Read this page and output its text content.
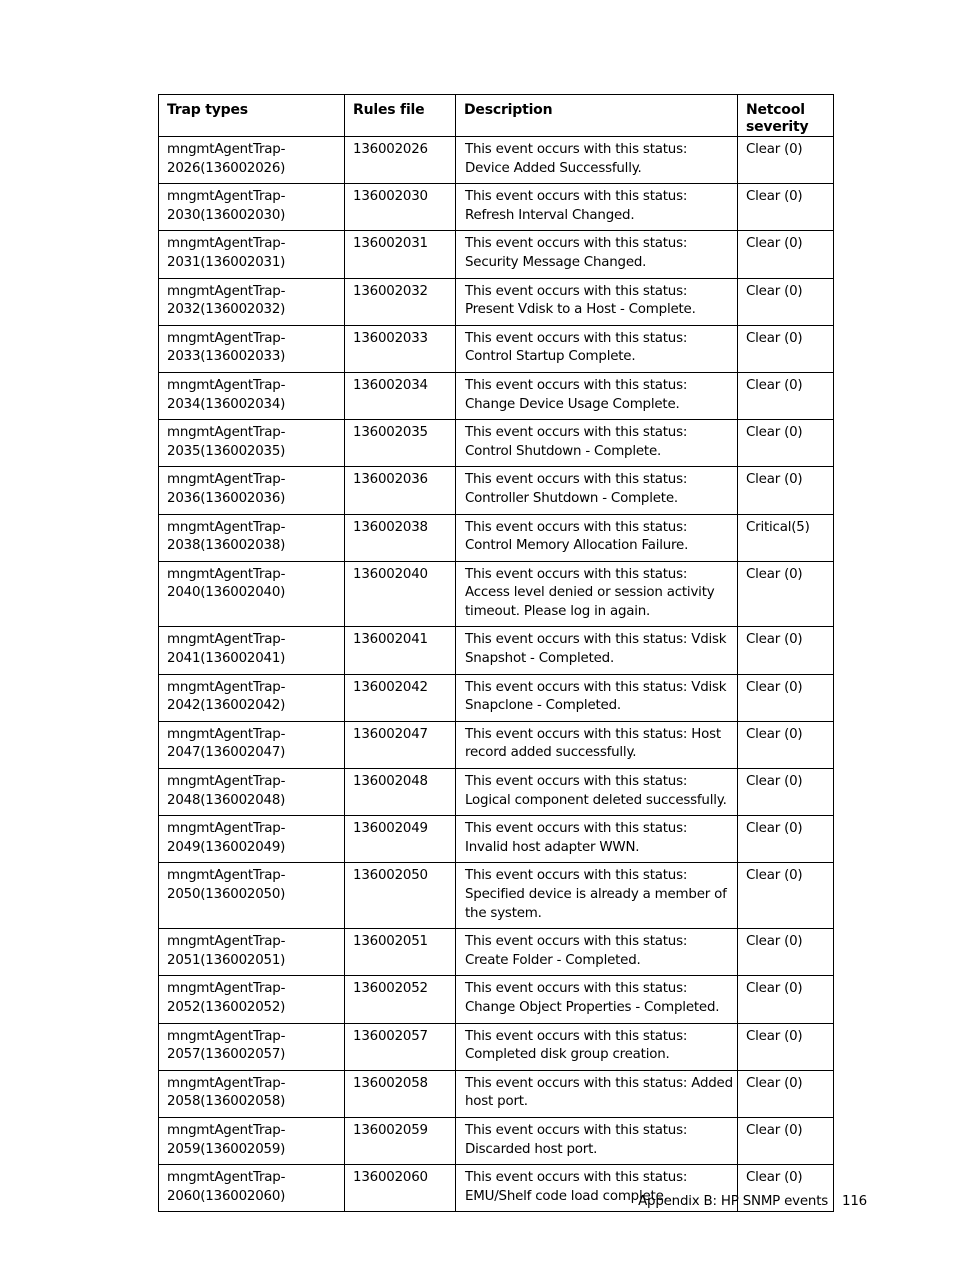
Trap types	Rules file	Description	Netcool severity

mngmtAgentTrap-
2026(136002026)	136002026	This event occurs with this status: Device Added Successfully.	Clear (0)

mngmtAgentTrap-
2030(136002030)	136002030	This event occurs with this status: Refresh Interval Changed.	Clear (0)

mngmtAgentTrap-
2031(136002031)	136002031	This event occurs with this status: Security Message Changed.	Clear (0)

mngmtAgentTrap-
2032(136002032)	136002032	This event occurs with this status: Present Vdisk to a Host - Complete.	Clear (0)

mngmtAgentTrap-
2033(136002033)	136002033	This event occurs with this status: Control Startup Complete.	Clear (0)

mngmtAgentTrap-
2034(136002034)	136002034	This event occurs with this status: Change Device Usage Complete.	Clear (0)

mngmtAgentTrap-
2035(136002035)	136002035	This event occurs with this status: Control Shutdown - Complete.	Clear (0)

mngmtAgentTrap-
2036(136002036)	136002036	This event occurs with this status: Controller Shutdown - Complete.	Clear (0)

mngmtAgentTrap-
2038(136002038)	136002038	This event occurs with this status: Control Memory Allocation Failure.	Critical(5)

mngmtAgentTrap-
2040(136002040)	136002040	This event occurs with this status: Access level denied or session activity timeout. Please log in again.	Clear (0)

mngmtAgentTrap-
2041(136002041)	136002041	This event occurs with this status: Vdisk Snapshot - Completed.	Clear (0)

mngmtAgentTrap-
2042(136002042)	136002042	This event occurs with this status: Vdisk Snapclone - Completed.	Clear (0)

mngmtAgentTrap-
2047(136002047)	136002047	This event occurs with this status: Host record added successfully.	Clear (0)

mngmtAgentTrap-
2048(136002048)	136002048	This event occurs with this status: Logical component deleted successfully.	Clear (0)

mngmtAgentTrap-
2049(136002049)	136002049	This event occurs with this status: Invalid host adapter WWN.	Clear (0)

mngmtAgentTrap-
2050(136002050)	136002050	This event occurs with this status: Specified device is already a member of the system.	Clear (0)

mngmtAgentTrap-
2051(136002051)	136002051	This event occurs with this status: Create Folder - Completed.	Clear (0)

mngmtAgentTrap-
2052(136002052)	136002052	This event occurs with this status: Change Object Properties - Completed.	Clear (0)

mngmtAgentTrap-
2057(136002057)	136002057	This event occurs with this status: Completed disk group creation.	Clear (0)

mngmtAgentTrap-
2058(136002058)	136002058	This event occurs with this status: Added host port.	Clear (0)

mngmtAgentTrap-
2059(136002059)	136002059	This event occurs with this status: Discarded host port.	Clear (0)

mngmtAgentTrap-
2060(136002060)	136002060	This event occurs with this status: EMU/Shelf code load complete.	Clear (0)
Appendix B: HP SNMP events 116
